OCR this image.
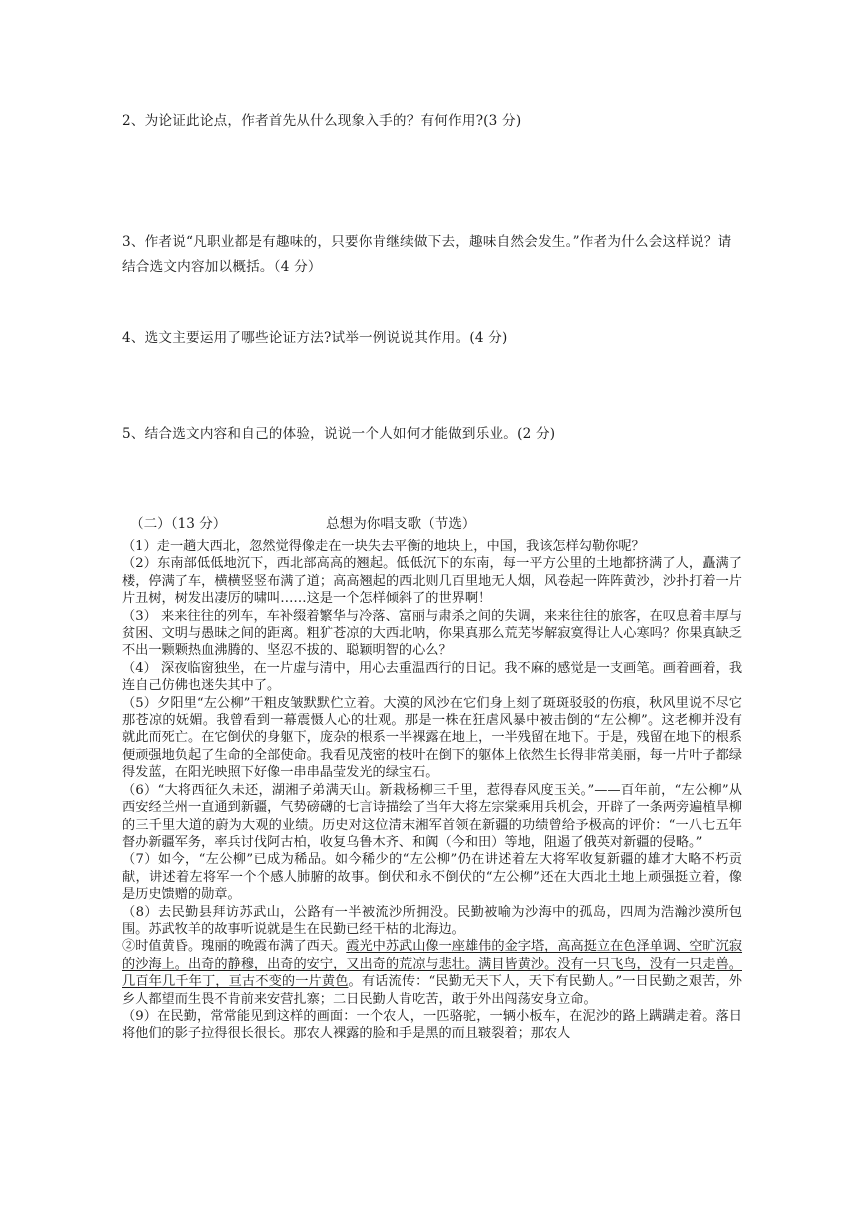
2、为论证此论点，作者首先从什么现象入手的？有何作用?(3 分)
3、作者说“凡职业都是有趣味的，只要你肯继续做下去，趣味自然会发生。”作者为什么会这样说？请结合选文内容加以概括。（4 分）
4、选文主要运用了哪些论证方法?试举一例说说其作用。(4 分)
5、结合选文内容和自己的体验，说说一个人如何才能做到乐业。(2 分)
（二）（13 分）	总想为你唱支歌（节选）

（1）走一趟大西北，忽然觉得像走在一块失去平衡的地块上，中国，我该怎样勾勒你呢？

（2）东南部低低地沉下，西北部高高的翘起。低低沉下的东南，每一平方公里的土地都挤满了人，矗满了楼，停满了车，横横竖竖布满了道；高高翘起的西北则几百里地无人烟，风卷起一阵阵黄沙，沙扑打着一片片丑树，树发出凄厉的啸叫……这是一个怎样倾斜了的世界啊！

（3） 来来往往的列车，车补缀着繁华与冷落、富丽与肃杀之间的失调，来来往往的旅客，在叹息着丰厚与贫困、文明与愚昧之间的距离。粗犷苍凉的大西北呐，你果真那么荒芜岑解寂寞得让人心寒吗？你果真缺乏不出一颗颗热血沸腾的、坚忍不拔的、聪颖明智的心么？

（4） 深夜临窗独坐，在一片虚与清中，用心去重温西行的日记。我不麻的感觉是一支画笔。画着画着，我连自己仿佛也迷失其中了。

（5）夕阳里“左公柳”干粗皮皱默默伫立着。大漠的风沙在它们身上刻了斑斑驳驳的伤痕，秋风里说不尽它那苍凉的妩媚。我曾看到一幕震慑人心的壮观。那是一株在狂虐风暴中被击倒的“左公柳”。这老柳并没有就此而死亡。在它倒伏的身躯下，庞杂的根系一半裸露在地上，一半残留在地下。于是，残留在地下的根系便顽强地负起了生命的全部使命。我看见茂密的枝叶在倒下的躯体上依然生长得非常美丽，每一片叶子都绿得发蓝，在阳光映照下好像一串串晶莹发光的绿宝石。

（6）“大将西征久未还，湖湘子弟满天山。新栽杨柳三千里，惹得春风度玉关。”——百年前，“左公柳”从西安经兰州一直通到新疆，气势磅礴的七言诗描绘了当年大将左宗棠乘用兵机会，开辟了一条两旁遍植旱柳的三千里大道的蔚为大观的业绩。历史对这位清末湘军首领在新疆的功绩曾给予极高的评价：“一八七五年督办新疆军务，率兵讨伐阿古柏，收复乌鲁木齐、和阗（今和田）等地，阻遏了俄英对新疆的侵略。”

（7）如今，“左公柳”已成为稀品。如今稀少的“左公柳”仍在讲述着左大将军收复新疆的雄才大略不朽贡献，讲述着左将军一个个感人肺腑的故事。倒伏和永不倒伏的“左公柳”还在大西北土地上顽强挺立着，像是历史馈赠的勋章。

（8）去民勤县拜访苏武山，公路有一半被流沙所拥没。民勤被喻为沙海中的孤岛，四周为浩瀚沙漠所包围。苏武牧羊的故事听说就是生在民勤已经干枯的北海边。

②时值黄昏。瑰丽的晚霞布满了西天。霞光中苏武山像一座雄伟的金字塔，高高挺立在色泽单调、空旷沉寂的沙海上。出奇的静穆，出奇的安宁，又出奇的荒凉与悲壮。满目皆黄沙。没有一只飞鸟，没有一只走兽。几百年几千年丁，亘古不变的一片黄色。有话流传：“民勤无天下人，天下有民勤人。”一日民勤之艰苦，外乡人都望而生畏不肯前来安营扎寨；二日民勤人肯吃苦，敢于外出闯荡安身立命。

（9）在民勤，常常能见到这样的画面：一个农人，一匹骆驼，一辆小板车，在泥沙的路上蹒蹒走着。落日将他们的影子拉得很长很长。那农人裸露的脸和手是黑的而且皲裂着；那农人
